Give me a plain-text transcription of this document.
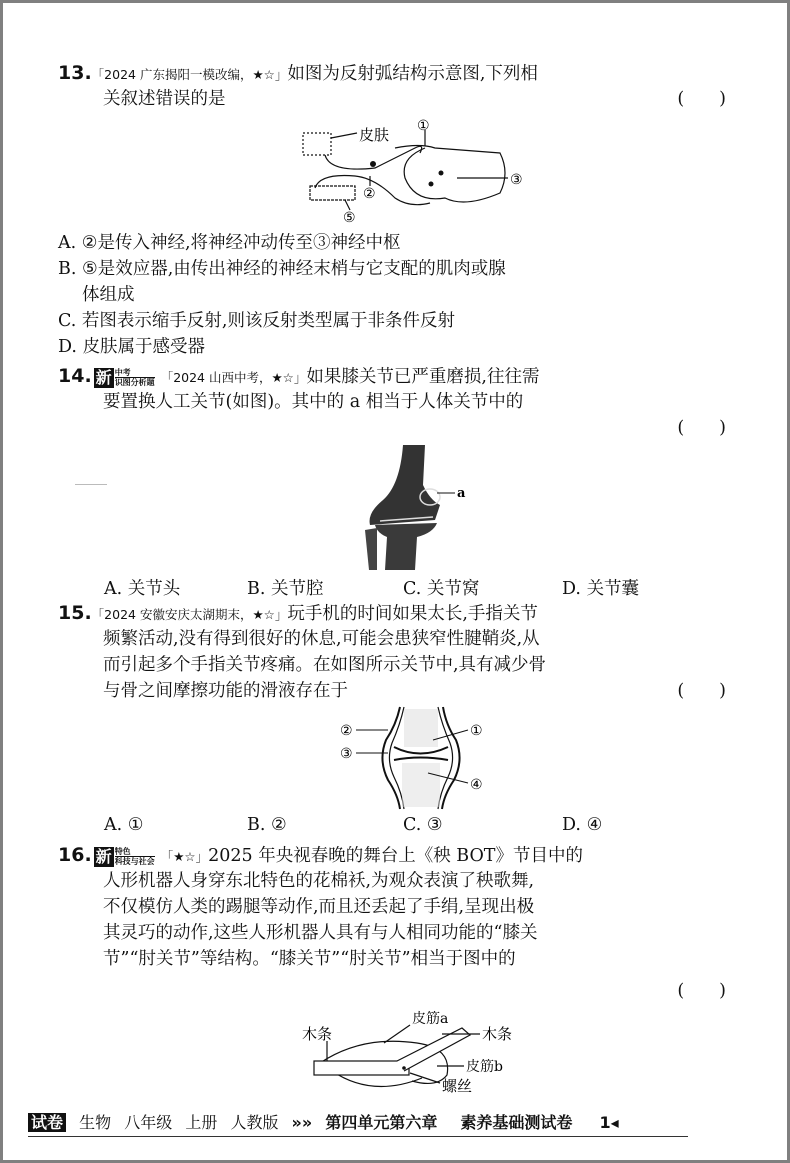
13.「2024 广东揭阳一模改编，★☆」如图为反射弧结构示意图,下列相
关叙述错误的是	(　　)
皮肤 ①
②
③
⑤
A. ②是传入神经,将神经冲动传至③神经中枢
B. ⑤是效应器,由传出神经的神经末梢与它支配的肌肉或腺
体组成
C. 若图表示缩手反射,则该反射类型属于非条件反射
D. 皮肤属于感受器
14. 新 中考
识图分析题 「2024 山西中考，★☆」如果膝关节已严重磨损,往往需
要置换人工关节(如图)。其中的 a 相当于人体关节中的
(　　)
a
A. 关节头	B. 关节腔	C. 关节窝	D. 关节囊
15.「2024 安徽安庆太湖期末，★☆」玩手机的时间如果太长,手指关节
频繁活动,没有得到很好的休息,可能会患狭窄性腱鞘炎,从
而引起多个手指关节疼痛。在如图所示关节中,具有减少骨
与骨之间摩擦功能的滑液存在于	(　　)
②
③
①
④
A. ①	B. ②	C. ③	D. ④
16. 新 特色
科技与社会 「★☆」2025 年央视春晚的舞台上《秧 BOT》节目中的
人形机器人身穿东北特色的花棉袄,为观众表演了秧歌舞,
不仅模仿人类的踢腿等动作,而且还丢起了手绢,呈现出极
其灵巧的动作,这些人形机器人具有与人相同功能的“膝关
节”“肘关节”等结构。“膝关节”“肘关节”相当于图中的
(　　)
木条
皮筋a
木条
皮筋b
螺丝
试卷 生物 八年级 上册 人教版 »» 第四单元第六章 素养基础测试卷 1◂
